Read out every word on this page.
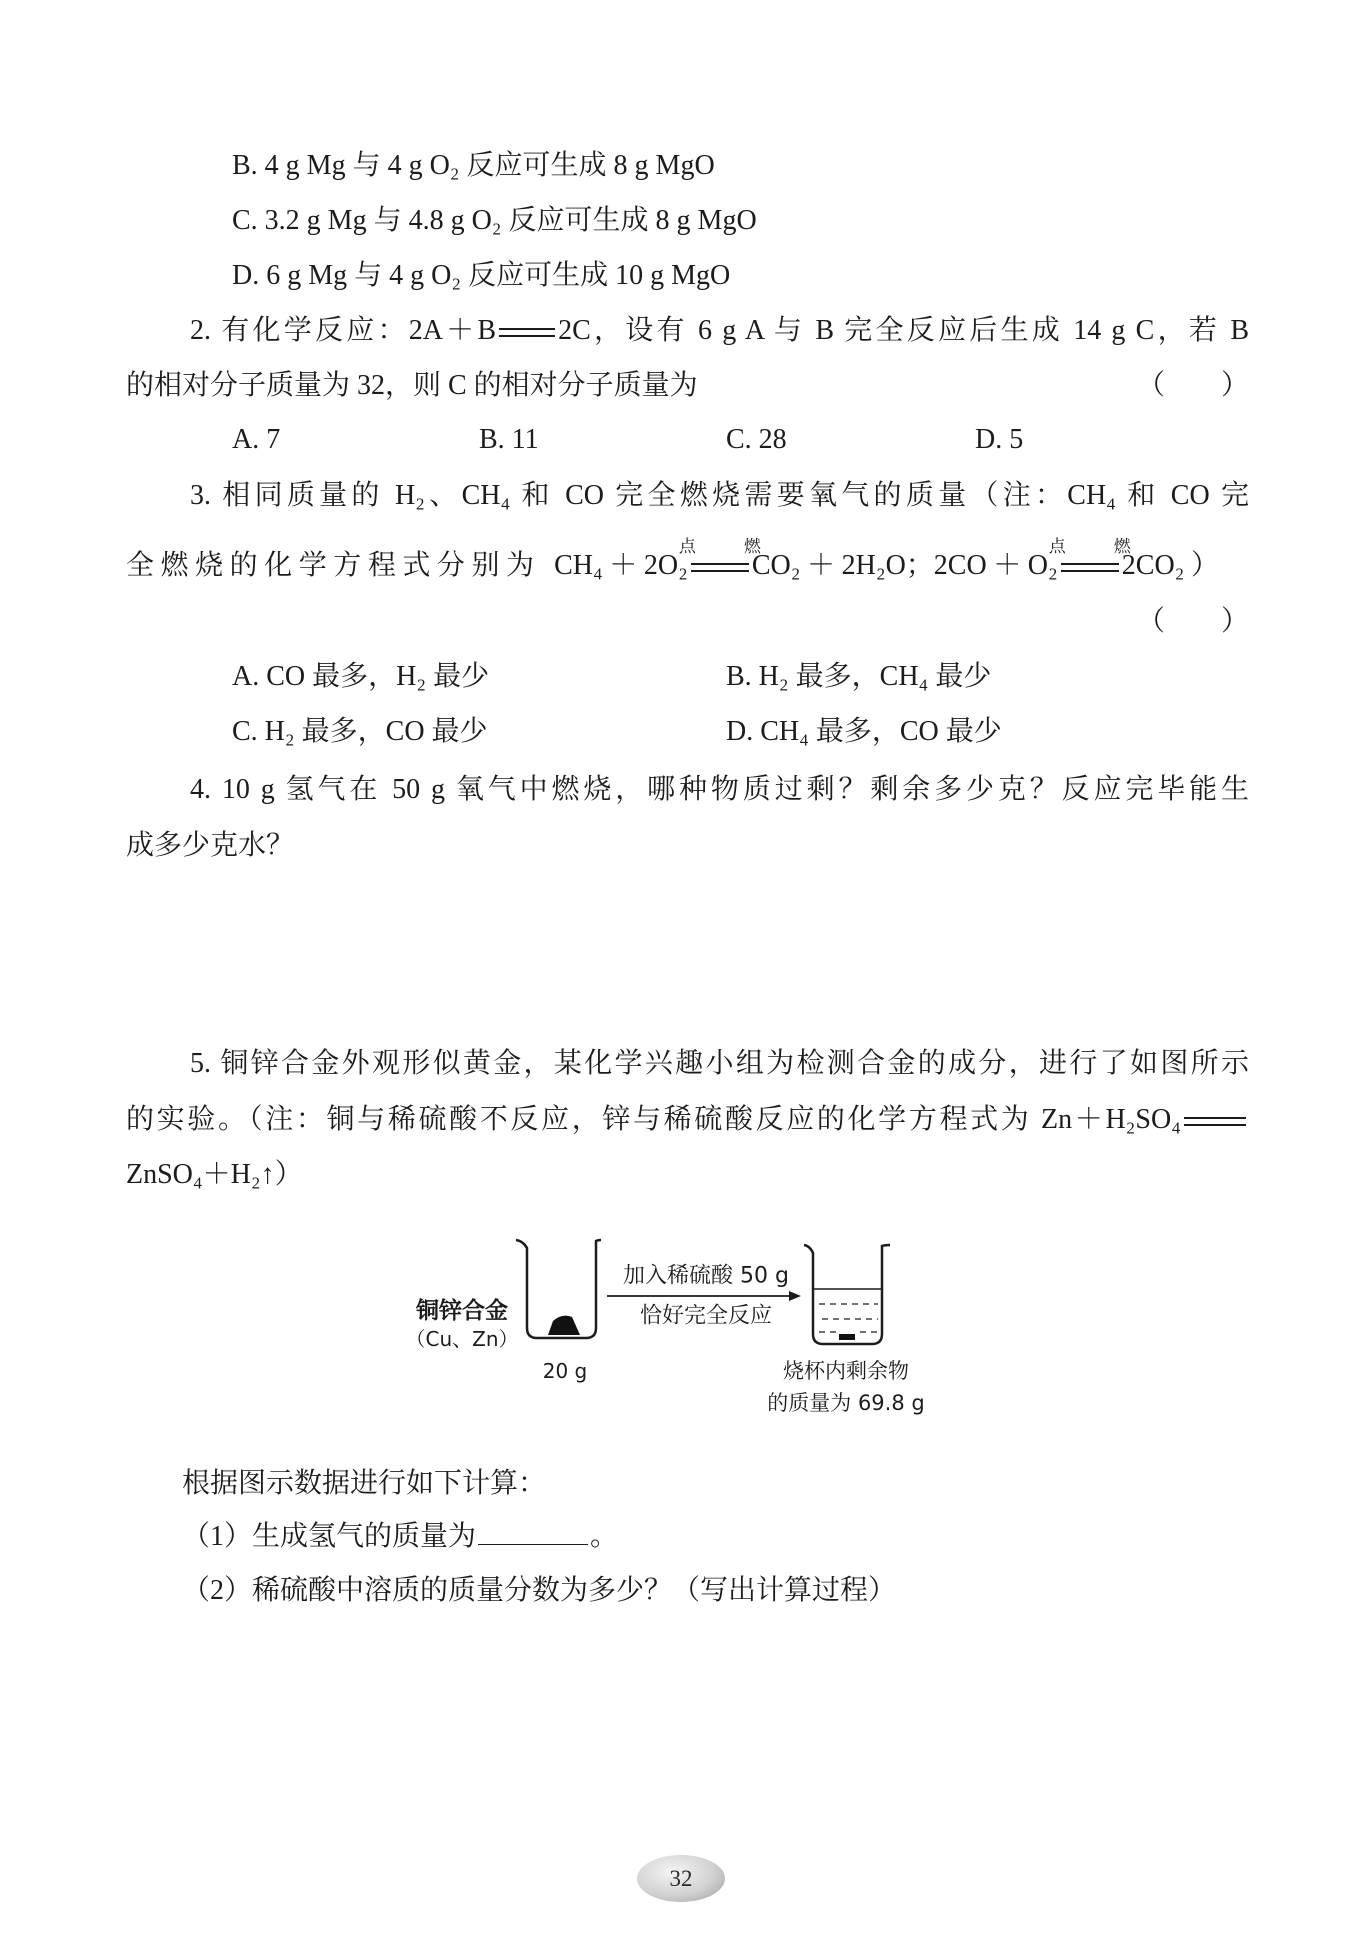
B. 4 g Mg 与 4 g O₂ 反应可生成 8 g MgO
C. 3.2 g Mg 与 4.8 g O₂ 反应可生成 8 g MgO
D. 6 g Mg 与 4 g O₂ 反应可生成 10 g MgO
2. 有化学反应：2A＋B 2C，设有 6 g A 与 B 完全反应后生成 14 g C，若 B
的相对分子质量为 32，则 C 的相对分子质量为	（　　）
A. 7	B. 11	C. 28	D. 5
3. 相同质量的 H₂、CH₄ 和 CO 完全燃烧需要氧气的质量（注：CH₄ 和 CO 完
全燃烧的化学方程式分别为 CH₄＋2O₂
点燃
CO₂＋2H₂O；2CO＋O₂
点燃
2CO₂）
（　　）
A. CO 最多，H₂ 最少	B. H₂ 最多，CH₄ 最少
C. H₂ 最多，CO 最少	D. CH₄ 最多，CO 最少
4. 10 g 氢气在 50 g 氧气中燃烧，哪种物质过剩？剩余多少克？反应完毕能生
成多少克水？
5. 铜锌合金外观形似黄金，某化学兴趣小组为检测合金的成分，进行了如图所示
的实验。（注：铜与稀硫酸不反应，锌与稀硫酸反应的化学方程式为 Zn＋H₂SO₄
ZnSO₄＋H₂↑）
铜锌合金
（Cu、Zn）
20 g
加入稀硫酸 50 g
恰好完全反应
烧杯内剩余物
的质量为 69.8 g
根据图示数据进行如下计算：
（1）生成氢气的质量为	。
（2）稀硫酸中溶质的质量分数为多少？（写出计算过程）
32
